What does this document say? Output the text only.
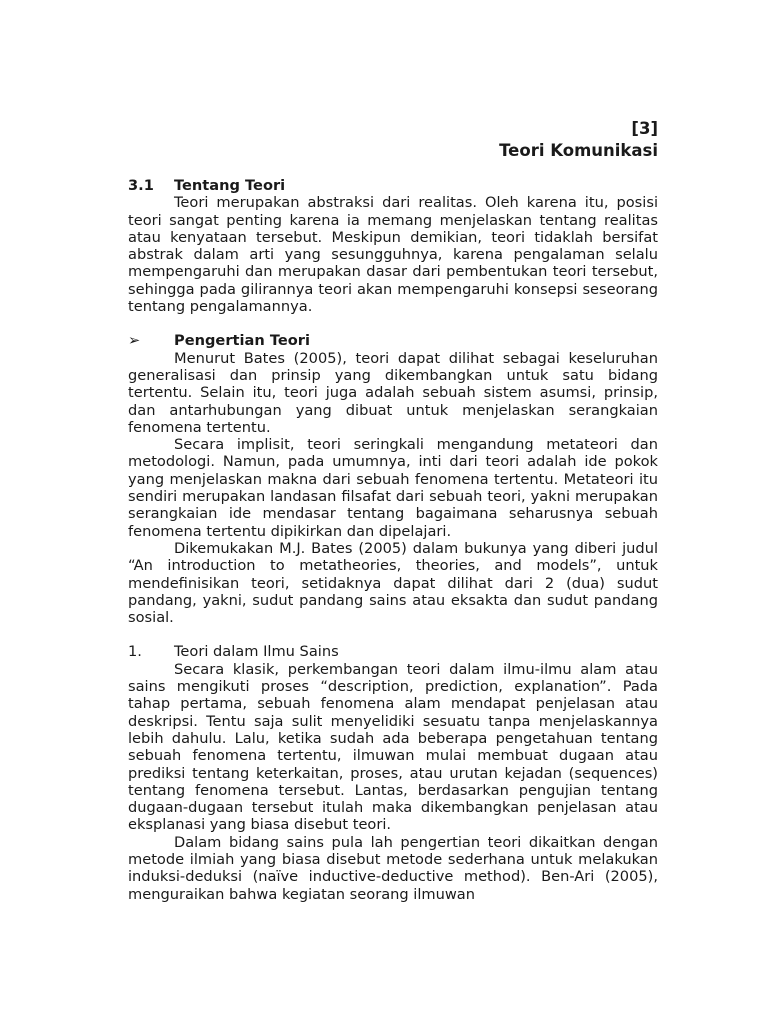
[3]
Teori Komunikasi
3.1	Tentang Teori

Teori merupakan abstraksi dari realitas. Oleh karena itu, posisi teori sangat penting karena ia memang menjelaskan tentang realitas atau kenyataan tersebut. Meskipun demikian, teori tidaklah bersifat abstrak dalam arti yang sesungguhnya, karena pengalaman selalu mempengaruhi dan merupakan dasar dari pembentukan teori tersebut, sehingga pada gilirannya teori akan mempengaruhi konsepsi seseorang tentang pengalamannya.

➢	Pengertian Teori

Menurut Bates (2005), teori dapat dilihat sebagai keseluruhan generalisasi dan prinsip yang dikembangkan untuk satu bidang tertentu. Selain itu, teori juga adalah sebuah sistem asumsi, prinsip, dan antarhubungan yang dibuat untuk menjelaskan serangkaian fenomena tertentu.

Secara implisit, teori seringkali mengandung metateori dan metodologi. Namun, pada umumnya, inti dari teori adalah ide pokok yang menjelaskan makna dari sebuah fenomena tertentu. Metateori itu sendiri merupakan landasan filsafat dari sebuah teori, yakni merupakan serangkaian ide mendasar tentang bagaimana seharusnya sebuah fenomena tertentu dipikirkan dan dipelajari.

Dikemukakan M.J. Bates (2005) dalam bukunya yang diberi judul “An introduction to metatheories, theories, and models”, untuk mendefinisikan teori, setidaknya dapat dilihat dari 2 (dua) sudut pandang, yakni, sudut pandang sains atau eksakta dan sudut pandang sosial.

1.	Teori dalam Ilmu Sains

Secara klasik, perkembangan teori dalam ilmu-ilmu alam atau sains mengikuti proses “description, prediction, explanation”. Pada tahap pertama, sebuah fenomena alam mendapat penjelasan atau deskripsi. Tentu saja sulit menyelidiki sesuatu tanpa menjelaskannya lebih dahulu. Lalu, ketika sudah ada beberapa pengetahuan tentang sebuah fenomena tertentu, ilmuwan mulai membuat dugaan atau prediksi tentang keterkaitan, proses, atau urutan kejadan (sequences) tentang fenomena tersebut. Lantas, berdasarkan pengujian tentang dugaan-dugaan tersebut itulah maka dikembangkan penjelasan atau eksplanasi yang biasa disebut teori.

Dalam bidang sains pula lah pengertian teori dikaitkan dengan metode ilmiah yang biasa disebut metode sederhana untuk melakukan induksi-deduksi (naïve inductive-deductive method). Ben-Ari (2005), menguraikan bahwa kegiatan seorang ilmuwan
